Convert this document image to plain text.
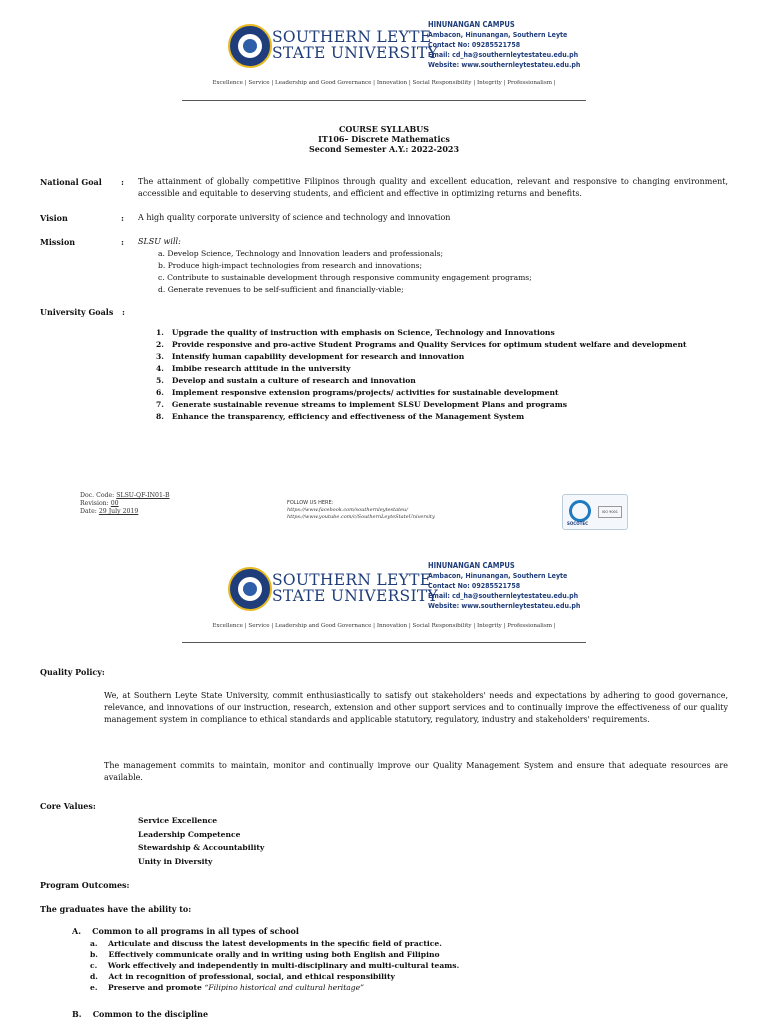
SOUTHERN LEYTE
STATE UNIVERSITY
HINUNANGAN CAMPUS
Ambacon, Hinunangan, Southern Leyte
Contact No: 09285521758
Email: cd_ha@southernleytestateu.edu.ph
Website: www.southernleytestateu.edu.ph
Excellence | Service | Leadership and Good Governance | Innovation | Social Responsibility | Integrity | Professionalism |
COURSE SYLLABUS
IT106– Discrete Mathematics
Second Semester A.Y.: 2022-2023
National Goal : The attainment of globally competitive Filipinos through quality and excellent education, relevant and responsive to changing environment, accessible and equitable to deserving students, and efficient and effective in optimizing returns and benefits.
Vision	: A high quality corporate university of science and technology and innovation
Mission	: SLSU will:
a. Develop Science, Technology and Innovation leaders and professionals;
b. Produce high-impact technologies from research and innovations;
c. Contribute to sustainable development through responsive community engagement programs;
d. Generate revenues to be self-sufficient and financially-viable;
University Goals :
1.   Upgrade the quality of instruction with emphasis on Science, Technology and Innovations
2.   Provide responsive and pro-active Student Programs and Quality Services for optimum student welfare and development
3.   Intensify human capability development for research and innovation
4.   Imbibe research attitude in the university
5.   Develop and sustain a culture of research and innovation
6.   Implement responsive extension programs/projects/ activities for sustainable development
7.   Generate sustainable revenue streams to implement SLSU Development Plans and programs
8.   Enhance the transparency, efficiency and effectiveness of the Management System
Doc. Code: SLSU-QF-IN01-B
Revision: 00
Date: 29 July 2019
FOLLOW US HERE:
https://www.facebook.com/southernleytestateu/
https://www.youtube.com/c/SouthernLeyteStateUniversity
SOCOTEC
ISO 9001
SOUTHERN LEYTE
STATE UNIVERSITY
HINUNANGAN CAMPUS
Ambacon, Hinunangan, Southern Leyte
Contact No: 09285521758
Email: cd_ha@southernleytestateu.edu.ph
Website: www.southernleytestateu.edu.ph
Excellence | Service | Leadership and Good Governance | Innovation | Social Responsibility | Integrity | Professionalism |
Quality Policy:
We, at Southern Leyte State University, commit enthusiastically to satisfy out stakeholders' needs and expectations by adhering to good governance, relevance, and innovations of our instruction, research, extension and other support services and to continually improve the effectiveness of our quality management system in compliance to ethical standards and applicable statutory, regulatory, industry and stakeholders' requirements.
The management commits to maintain, monitor and continually improve our Quality Management System and ensure that adequate resources are available.
Core Values:
Service Excellence
Leadership Competence
Stewardship & Accountability
Unity in Diversity
Program Outcomes:
The graduates have the ability to:
A.    Common to all programs in all types of school
a.    Articulate and discuss the latest developments in the specific field of practice.
b.    Effectively communicate orally and in writing using both English and Filipino
c.    Work effectively and independently in multi-disciplinary and multi-cultural teams.
d.    Act in recognition of professional, social, and ethical responsibility
e.    Preserve and promote “Filipino historical and cultural heritage”
B.    Common to the discipline
